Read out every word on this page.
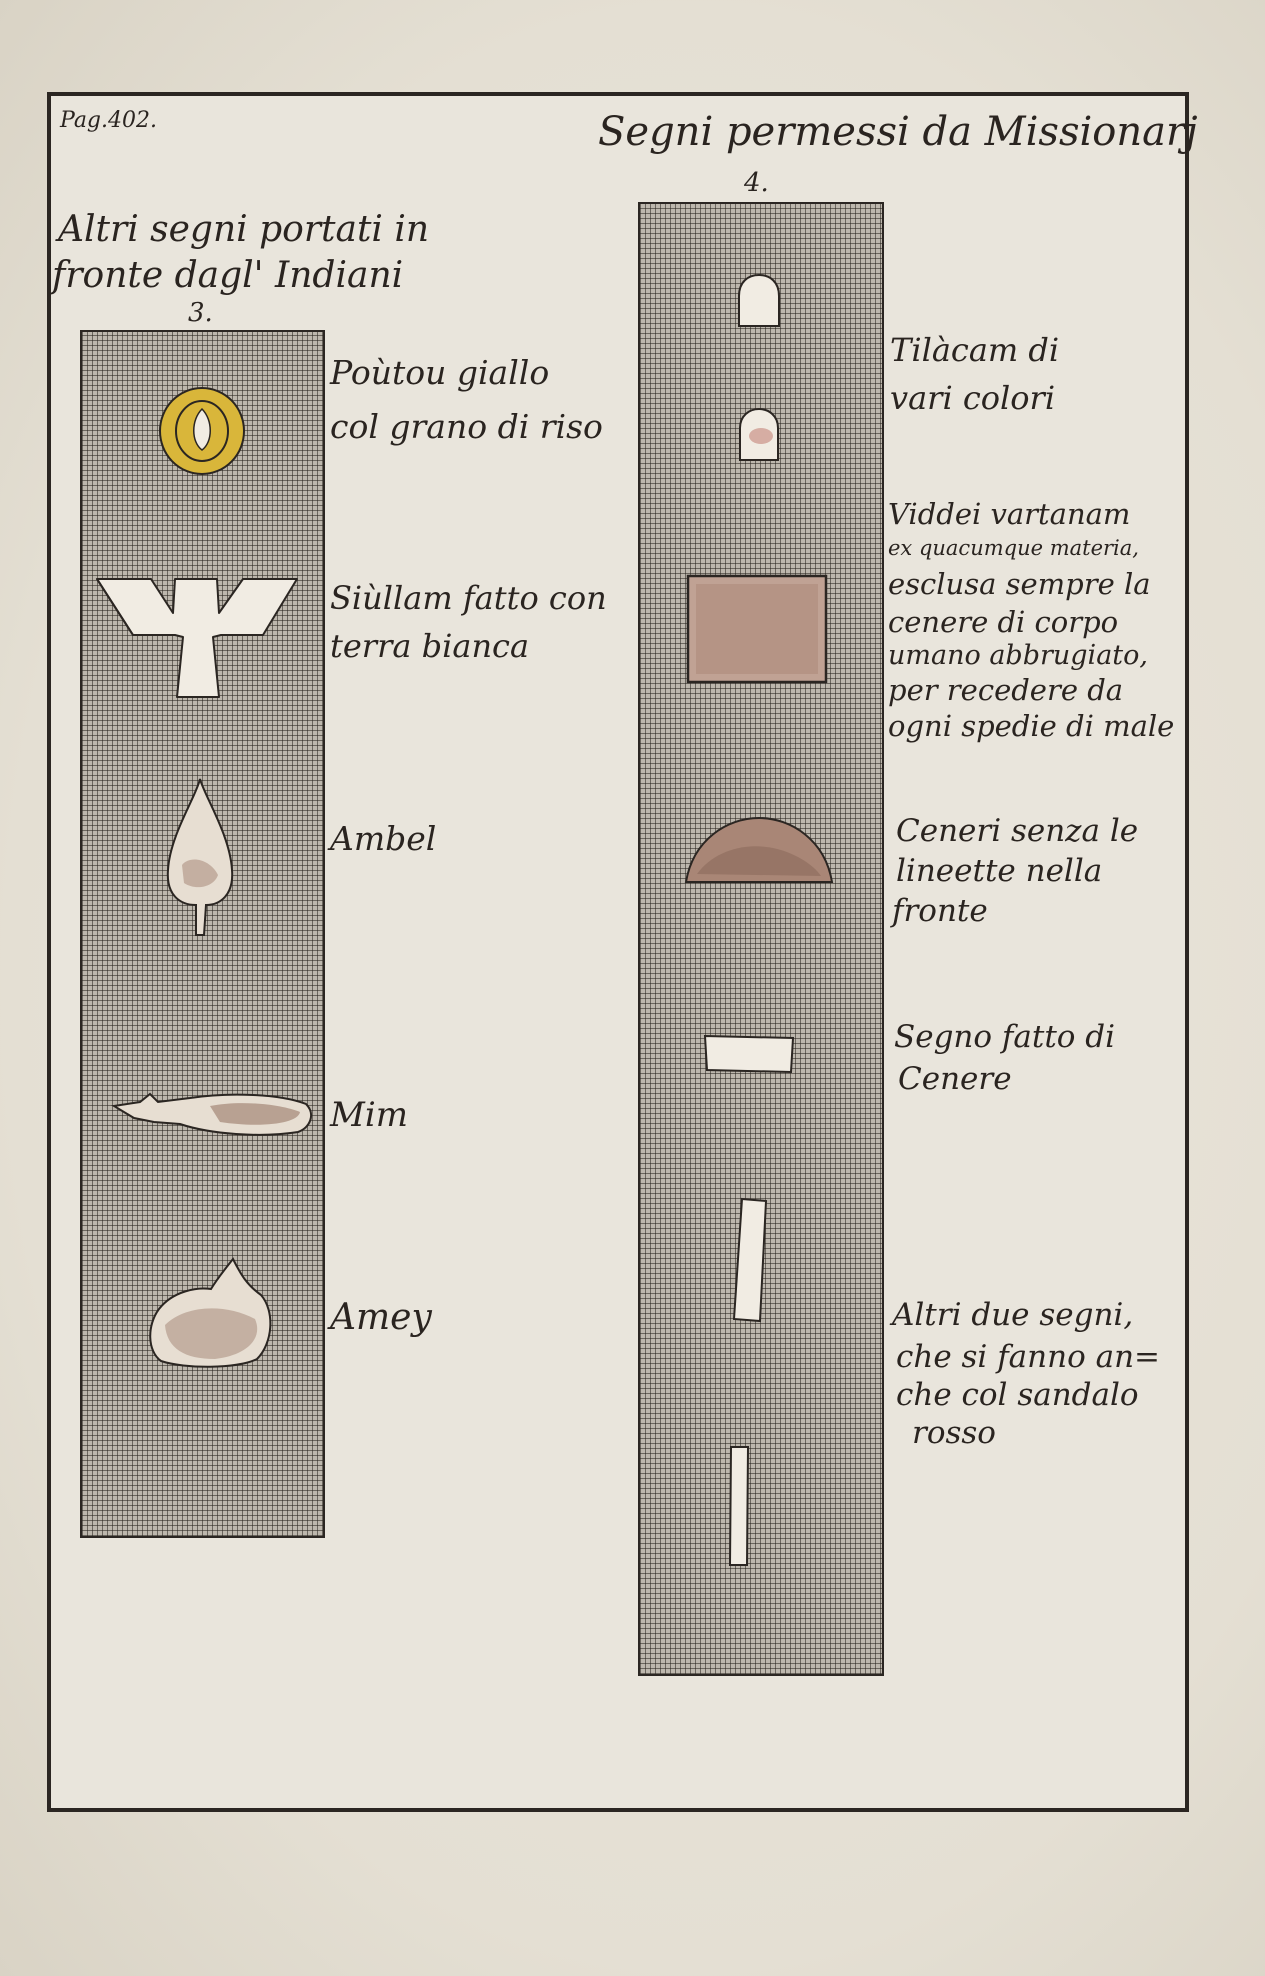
Pag.402.	Segni permessi da Missionarj
4.
Altri segni portati in
fronte dagl' Indiani
3.
Poùtou giallo
col grano di riso
Siùllam fatto con
terra bianca
Ambel
Mim
Amey
Tilàcam di
vari colori
Viddei vartanam
ex quacumque materia,
esclusa sempre la
cenere di corpo
umano abbrugiato,
per recedere da
ogni spedie di male
Ceneri senza le
lineette nella
fronte
Segno fatto di
Cenere
Altri due segni,
che si fanno an=
che col sandalo
rosso
